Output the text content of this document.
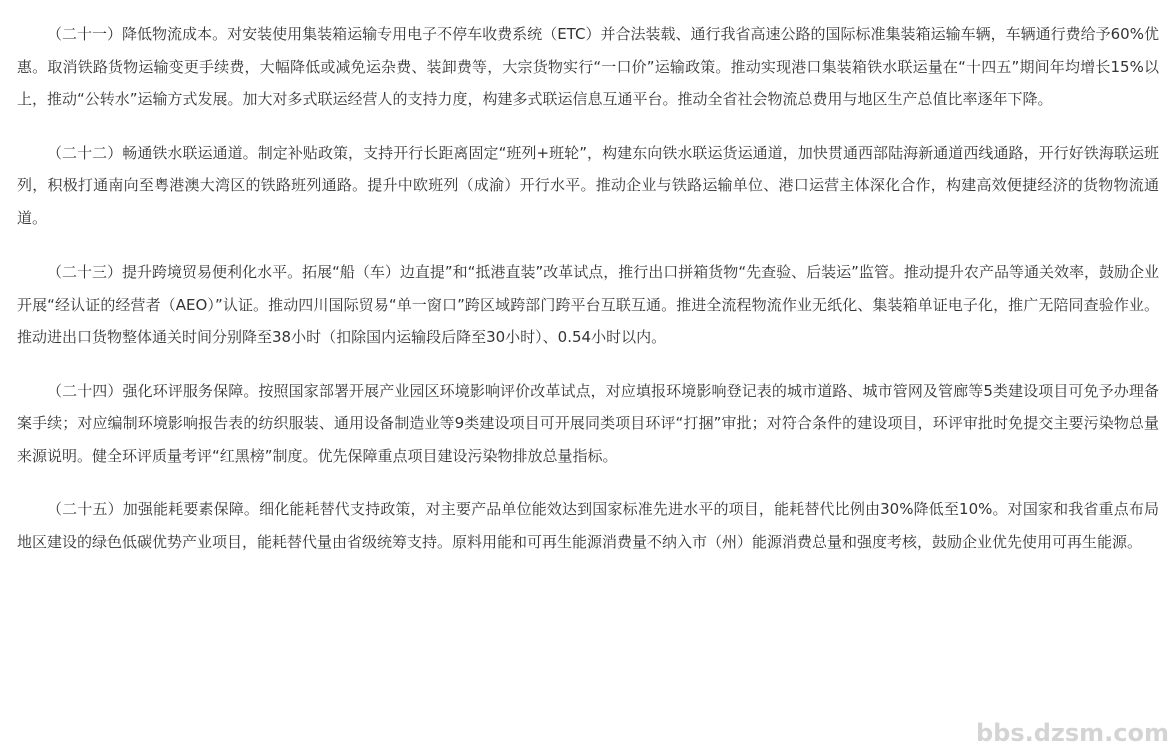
（二十一）降低物流成本。对安装使用集装箱运输专用电子不停车收费系统（ETC）并合法装载、通行我省高速公路的国际标准集装箱运输车辆，车辆通行费给予60%优惠。取消铁路货物运输变更手续费，大幅降低或减免运杂费、装卸费等，大宗货物实行“一口价”运输政策。推动实现港口集装箱铁水联运量在“十四五”期间年均增长15%以上，推动“公转水”运输方式发展。加大对多式联运经营人的支持力度，构建多式联运信息互通平台。推动全省社会物流总费用与地区生产总值比率逐年下降。

（二十二）畅通铁水联运通道。制定补贴政策，支持开行长距离固定“班列+班轮”，构建东向铁水联运货运通道，加快贯通西部陆海新通道西线通路，开行好铁海联运班列，积极打通南向至粤港澳大湾区的铁路班列通路。提升中欧班列（成渝）开行水平。推动企业与铁路运输单位、港口运营主体深化合作，构建高效便捷经济的货物物流通道。

（二十三）提升跨境贸易便利化水平。拓展“船（车）边直提”和“抵港直装”改革试点，推行出口拼箱货物“先查验、后装运”监管。推动提升农产品等通关效率，鼓励企业开展“经认证的经营者（AEO）”认证。推动四川国际贸易“单一窗口”跨区域跨部门跨平台互联互通。推进全流程物流作业无纸化、集装箱单证电子化，推广无陪同查验作业。推动进出口货物整体通关时间分别降至38小时（扣除国内运输段后降至30小时）、0.54小时以内。

（二十四）强化环评服务保障。按照国家部署开展产业园区环境影响评价改革试点，对应填报环境影响登记表的城市道路、城市管网及管廊等5类建设项目可免予办理备案手续；对应编制环境影响报告表的纺织服装、通用设备制造业等9类建设项目可开展同类项目环评“打捆”审批；对符合条件的建设项目，环评审批时免提交主要污染物总量来源说明。健全环评质量考评“红黑榜”制度。优先保障重点项目建设污染物排放总量指标。

（二十五）加强能耗要素保障。细化能耗替代支持政策，对主要产品单位能效达到国家标准先进水平的项目，能耗替代比例由30%降低至10%。对国家和我省重点布局地区建设的绿色低碳优势产业项目，能耗替代量由省级统筹支持。原料用能和可再生能源消费量不纳入市（州）能源消费总量和强度考核，鼓励企业优先使用可再生能源。

bbs.dzsm.com
